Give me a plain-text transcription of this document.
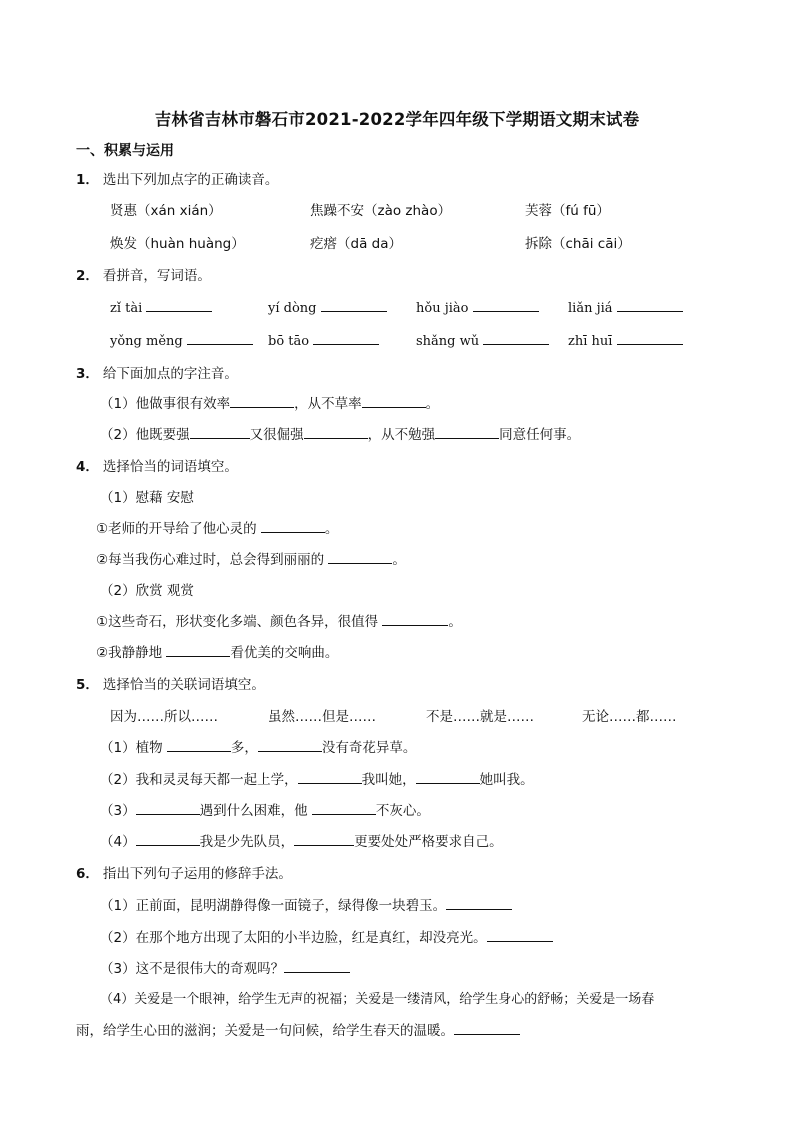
吉林省吉林市磐石市2021-2022学年四年级下学期语文期末试卷
一、积累与运用
1． 选出下列加点字的正确读音。
贤惠（xán xián）	焦躁不安（zào zhào）	芙蓉（fú fū）
焕发（huàn huàng）	疙瘩（dā da）	拆除（chāi cāi）
2． 看拼音，写词语。
zǐ tài	yí dòng	hǒu jiào	liǎn jiá
yǒng měng	bō tāo	shǎng wǔ	zhī huī
3． 给下面加点的字注音。
（1）他做事很有效率	，从不草率	。
（2）他既要强	又很倔强	，从不勉强	同意任何事。
4． 选择恰当的词语填空。
（1）慰藉 安慰
①老师的开导给了他心灵的	。
②每当我伤心难过时，总会得到丽丽的	。
（2）欣赏 观赏
①这些奇石，形状变化多端、颜色各异，很值得	。
②我静静地	看优美的交响曲。
5． 选择恰当的关联词语填空。
因为……所以……	虽然……但是……	不是……就是……	无论……都……
（1）植物	多，	没有奇花异草。
（2）我和灵灵每天都一起上学，	我叫她，	她叫我。
（3）	遇到什么困难，他	不灰心。
（4）	我是少先队员，	更要处处严格要求自己。
6． 指出下列句子运用的修辞手法。
（1）正前面，昆明湖静得像一面镜子，绿得像一块碧玉。
（2）在那个地方出现了太阳的小半边脸，红是真红，却没亮光。
（3）这不是很伟大的奇观吗？
（4）关爱是一个眼神，给学生无声的祝福；关爱是一缕清风，给学生身心的舒畅；关爱是一场春
雨，给学生心田的滋润；关爱是一句问候，给学生春天的温暖。
